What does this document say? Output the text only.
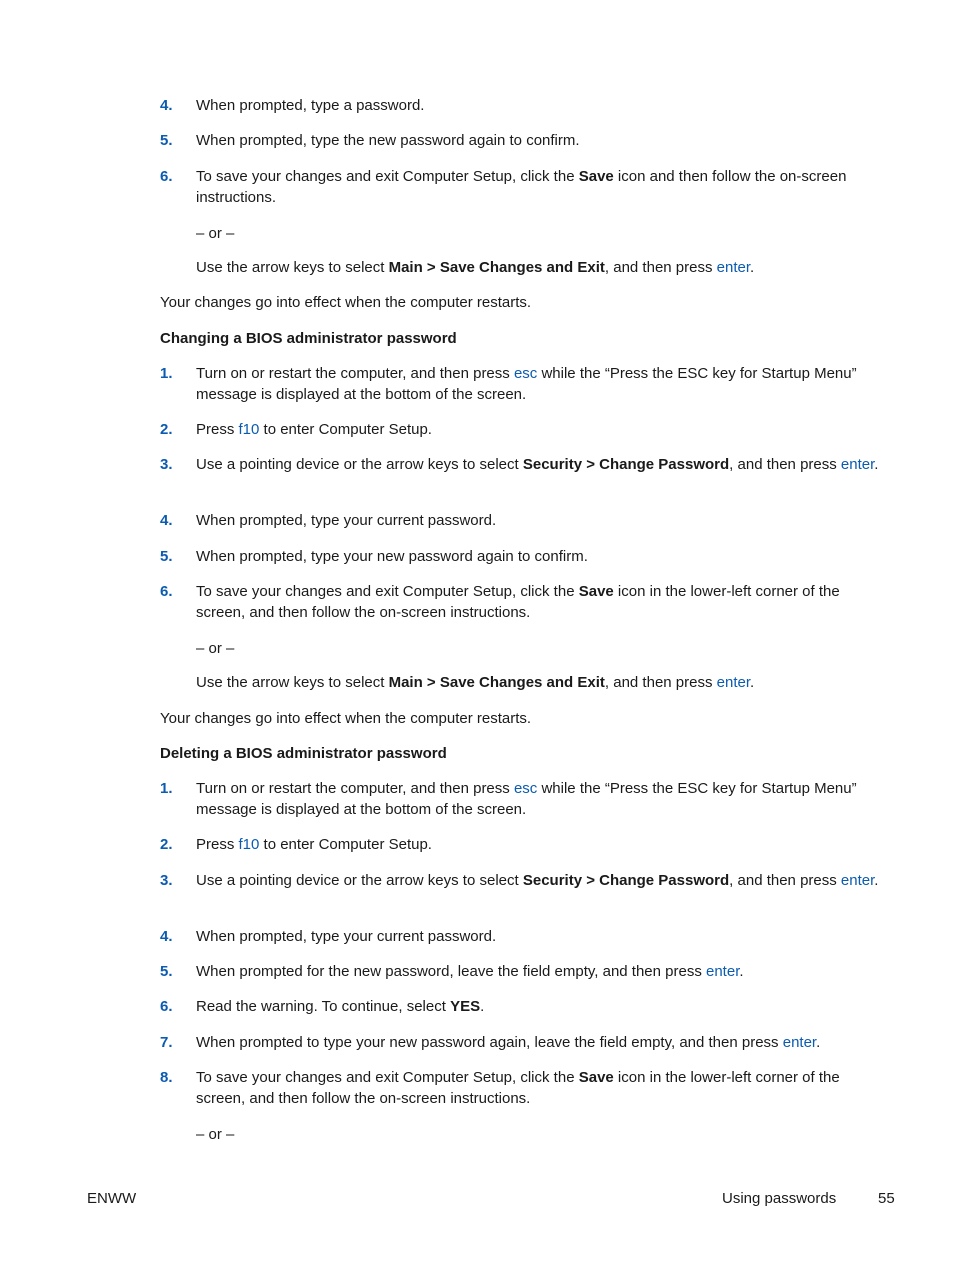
4.	When prompted, type a password.
5.	When prompted, type the new password again to confirm.
6.	To save your changes and exit Computer Setup, click the Save icon and then follow the on-screen instructions.
– or –
Use the arrow keys to select Main > Save Changes and Exit, and then press enter.
Your changes go into effect when the computer restarts.
Changing a BIOS administrator password
1.	Turn on or restart the computer, and then press esc while the “Press the ESC key for Startup Menu” message is displayed at the bottom of the screen.
2.	Press f10 to enter Computer Setup.
3.	Use a pointing device or the arrow keys to select Security > Change Password, and then press enter.
4.	When prompted, type your current password.
5.	When prompted, type your new password again to confirm.
6.	To save your changes and exit Computer Setup, click the Save icon in the lower-left corner of the screen, and then follow the on-screen instructions.
– or –
Use the arrow keys to select Main > Save Changes and Exit, and then press enter.
Your changes go into effect when the computer restarts.
Deleting a BIOS administrator password
1.	Turn on or restart the computer, and then press esc while the “Press the ESC key for Startup Menu” message is displayed at the bottom of the screen.
2.	Press f10 to enter Computer Setup.
3.	Use a pointing device or the arrow keys to select Security > Change Password, and then press enter.
4.	When prompted, type your current password.
5.	When prompted for the new password, leave the field empty, and then press enter.
6.	Read the warning. To continue, select YES.
7.	When prompted to type your new password again, leave the field empty, and then press enter.
8.	To save your changes and exit Computer Setup, click the Save icon in the lower-left corner of the screen, and then follow the on-screen instructions.
– or –
ENWW	Using passwords	55
